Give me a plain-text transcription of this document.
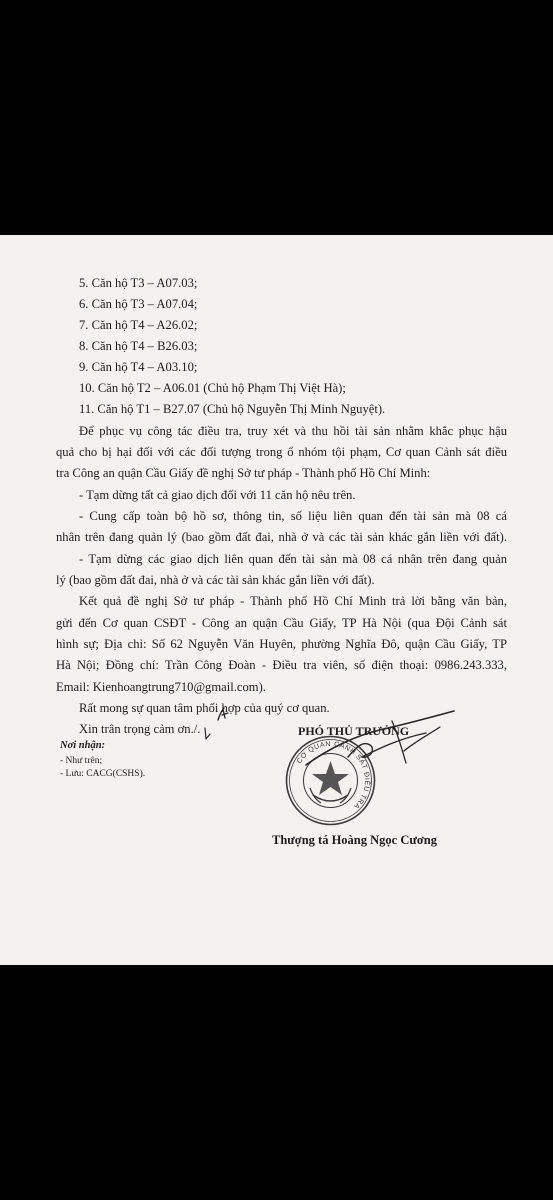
5. Căn hộ T3 – A07.03;
6. Căn hộ T3 – A07.04;
7. Căn hộ T4 – A26.02;
8. Căn hộ T4 – B26.03;
9. Căn hộ T4 – A03.10;
10. Căn hộ T2 – A06.01 (Chủ hộ Phạm Thị Việt Hà);
11. Căn hộ T1 – B27.07 (Chủ hộ Nguyễn Thị Minh Nguyệt).
Để phục vụ công tác điều tra, truy xét và thu hồi tài sản nhằm khắc phục hậu
quả cho bị hại đối với các đối tượng trong ổ nhóm tội phạm, Cơ quan Cảnh sát điều
tra Công an quận Cầu Giấy đề nghị Sở tư pháp - Thành phố Hồ Chí Minh:
- Tạm dừng tất cả giao dịch đối với 11 căn hộ nêu trên.
- Cung cấp toàn bộ hồ sơ, thông tin, số liệu liên quan đến tài sản mà 08 cá
nhân trên đang quản lý (bao gồm đất đai, nhà ở và các tài sản khác gắn liền với đất).
- Tạm dừng các giao dịch liên quan đến tài sản mà 08 cá nhân trên đang quản
lý (bao gồm đất đai, nhà ở và các tài sản khác gắn liền với đất).
Kết quả đề nghị Sở tư pháp - Thành phố Hồ Chí Minh trả lời bằng văn bản,
gửi đến Cơ quan CSĐT - Công an quận Cầu Giấy, TP Hà Nội (qua Đội Cảnh sát
hình sự; Địa chỉ: Số 62 Nguyễn Văn Huyên, phường Nghĩa Đô, quận Cầu Giấy, TP
Hà Nội; Đồng chí: Trần Công Đoàn - Điều tra viên, số điện thoại: 0986.243.333,
Email: Kienhoangtrung710@gmail.com).
Rất mong sự quan tâm phối hợp của quý cơ quan.
Xin trân trọng cảm ơn./.
Nơi nhận:
- Như trên;
- Lưu: CACG(CSHS).
PHÓ THỦ TRƯỞNG
CƠ QUAN CẢNH SÁT ĐIỀU TRA
Thượng tá Hoàng Ngọc Cương
